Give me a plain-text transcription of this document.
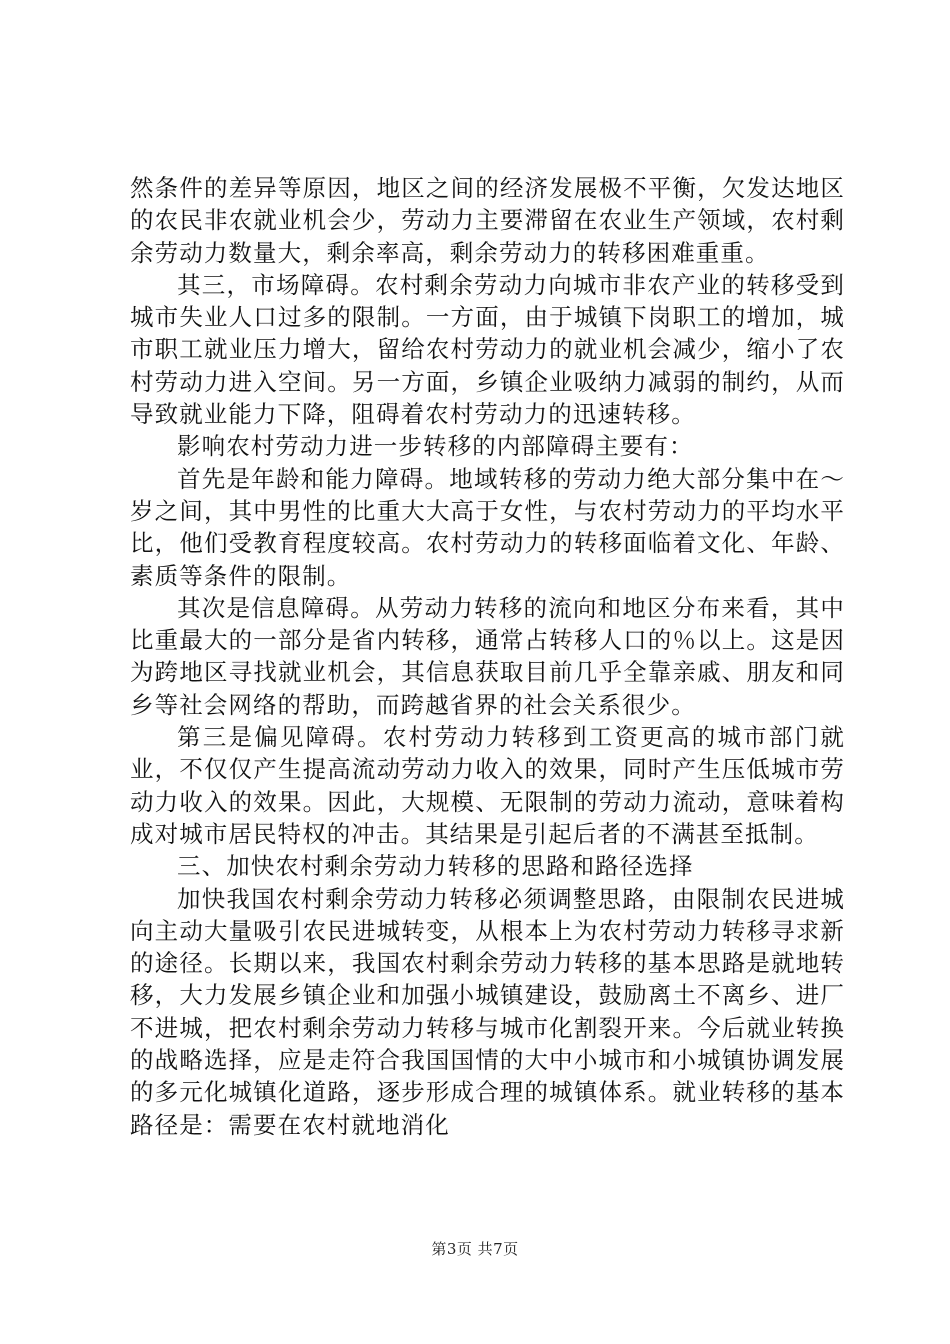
然条件的差异等原因，地区之间的经济发展极不平衡，欠发达地区的农民非农就业机会少，劳动力主要滞留在农业生产领域，农村剩余劳动力数量大，剩余率高，剩余劳动力的转移困难重重。

其三，市场障碍。农村剩余劳动力向城市非农产业的转移受到城市失业人口过多的限制。一方面，由于城镇下岗职工的增加，城市职工就业压力增大，留给农村劳动力的就业机会减少，缩小了农村劳动力进入空间。另一方面，乡镇企业吸纳力减弱的制约，从而导致就业能力下降，阻碍着农村劳动力的迅速转移。

影响农村劳动力进一步转移的内部障碍主要有：

首先是年龄和能力障碍。地域转移的劳动力绝大部分集中在～岁之间，其中男性的比重大大高于女性，与农村劳动力的平均水平比，他们受教育程度较高。农村劳动力的转移面临着文化、年龄、素质等条件的限制。

其次是信息障碍。从劳动力转移的流向和地区分布来看，其中比重最大的一部分是省内转移，通常占转移人口的％以上。这是因为跨地区寻找就业机会，其信息获取目前几乎全靠亲戚、朋友和同乡等社会网络的帮助，而跨越省界的社会关系很少。

第三是偏见障碍。农村劳动力转移到工资更高的城市部门就业，不仅仅产生提高流动劳动力收入的效果，同时产生压低城市劳动力收入的效果。因此，大规模、无限制的劳动力流动，意味着构成对城市居民特权的冲击。其结果是引起后者的不满甚至抵制。

三、加快农村剩余劳动力转移的思路和路径选择

加快我国农村剩余劳动力转移必须调整思路，由限制农民进城向主动大量吸引农民进城转变，从根本上为农村劳动力转移寻求新的途径。长期以来，我国农村剩余劳动力转移的基本思路是就地转移，大力发展乡镇企业和加强小城镇建设，鼓励离土不离乡、进厂不进城，把农村剩余劳动力转移与城市化割裂开来。今后就业转换的战略选择，应是走符合我国国情的大中小城市和小城镇协调发展的多元化城镇化道路，逐步形成合理的城镇体系。就业转移的基本路径是：需要在农村就地消化

第3页 共7页
